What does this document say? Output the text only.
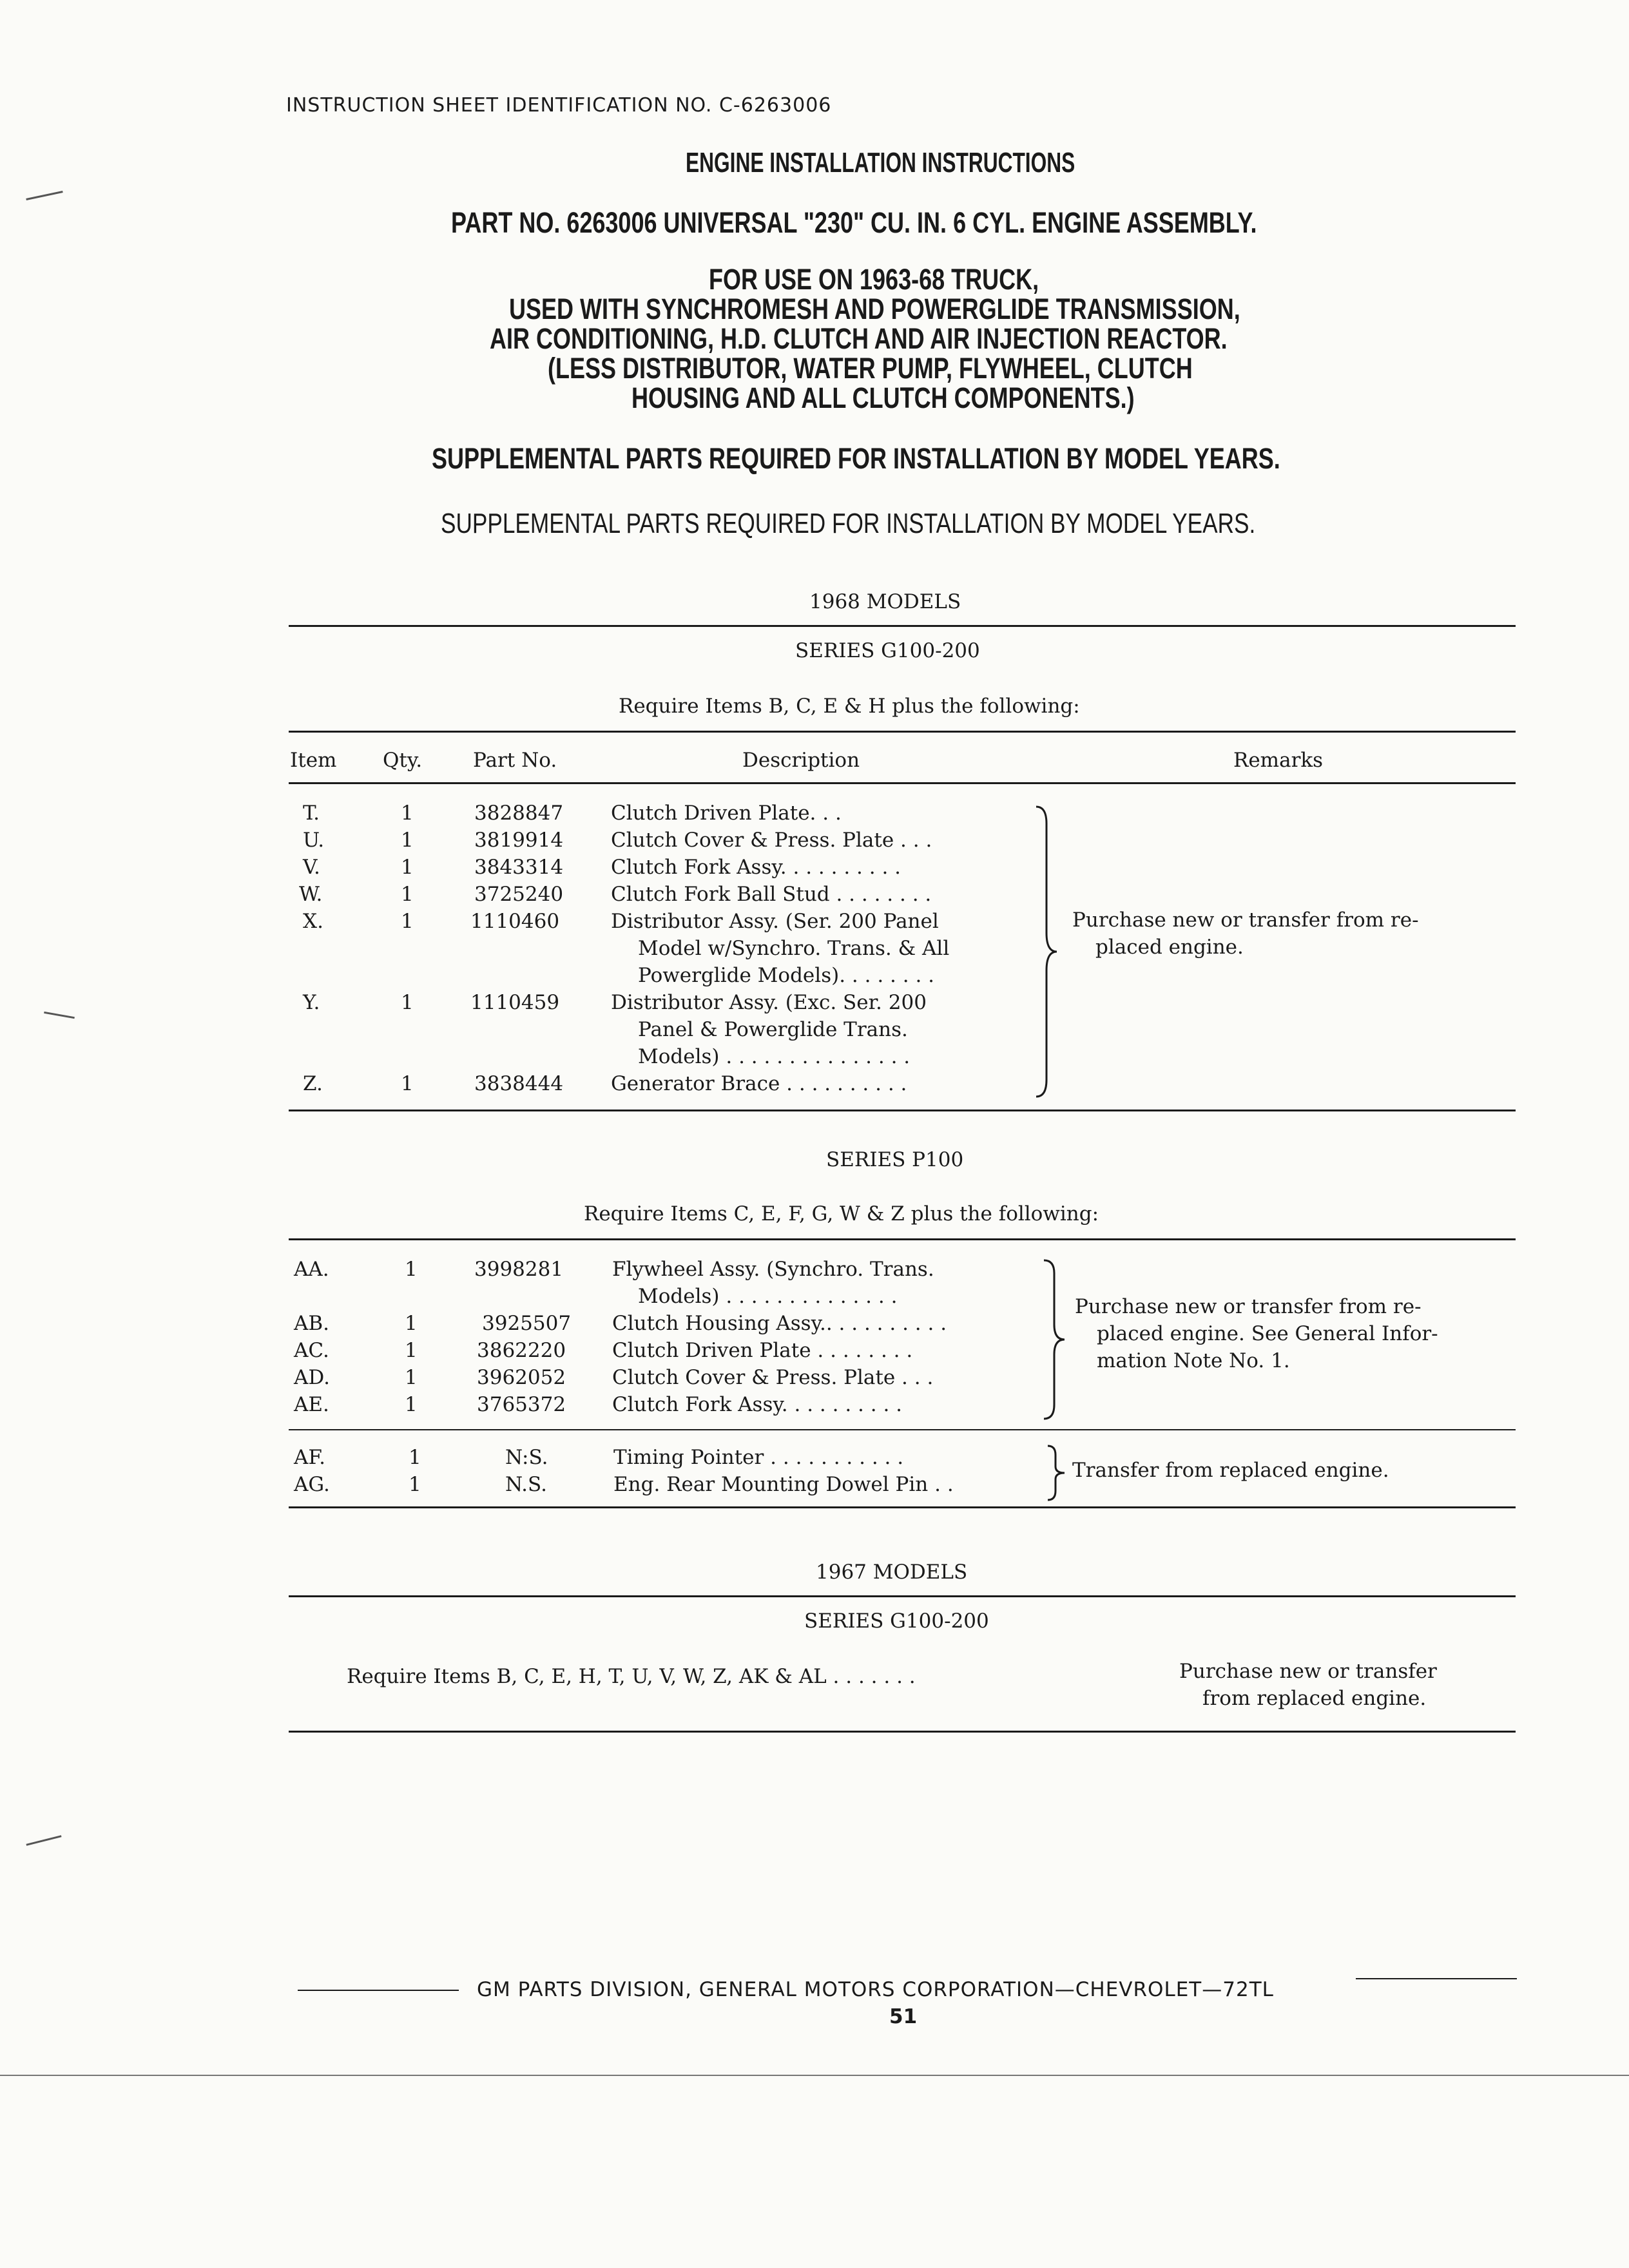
INSTRUCTION SHEET IDENTIFICATION NO. C-6263006
ENGINE INSTALLATION INSTRUCTIONS
PART NO. 6263006 UNIVERSAL "230" CU. IN. 6 CYL. ENGINE ASSEMBLY.
FOR USE ON 1963-68 TRUCK,
USED WITH SYNCHROMESH AND POWERGLIDE TRANSMISSION,
AIR CONDITIONING, H.D. CLUTCH AND AIR INJECTION REACTOR.
(LESS DISTRIBUTOR, WATER PUMP, FLYWHEEL, CLUTCH
HOUSING AND ALL CLUTCH COMPONENTS.)
SUPPLEMENTAL PARTS REQUIRED FOR INSTALLATION BY MODEL YEARS.
SUPPLEMENTAL PARTS REQUIRED FOR INSTALLATION BY MODEL YEARS.
1968 MODELS
SERIES G100-200
Require Items B, C, E & H plus the following:
Item Qty.	Part No.	Description	Remarks
T.	1	3828847 Clutch Driven Plate. . .
U.	1	3819914 Clutch Cover & Press. Plate . . .
V.	1	3843314 Clutch Fork Assy. . . . . . . . . .
W.	1	3725240 Clutch Fork Ball Stud . . . . . . . .
X.	1	1110460	Distributor Assy. (Ser. 200 Panel
Model w/Synchro. Trans. & All
Powerglide Models). . . . . . . .
Y.	1	1110459	Distributor Assy. (Exc. Ser. 200
Panel & Powerglide Trans.
Models) . . . . . . . . . . . . . . .
Z.	1	3838444 Generator Brace . . . . . . . . . .
Purchase new or transfer from re-
placed engine.
SERIES P100
Require Items C, E, F, G, W & Z plus the following:
AA.	1	3998281 Flywheel Assy. (Synchro. Trans.
Models) . . . . . . . . . . . . . .
AB.	1	3925507 Clutch Housing Assy.. . . . . . . . . .
AC.	1	3862220 Clutch Driven Plate . . . . . . . .
AD.	1	3962052 Clutch Cover & Press. Plate . . .
AE.	1	3765372 Clutch Fork Assy. . . . . . . . . .
Purchase new or transfer from re-
placed engine. See General Infor-
mation Note No. 1.
AF.	1	N:S.	Timing Pointer . . . . . . . . . . .
AG.	1	N.S.	Eng. Rear Mounting Dowel Pin . .
Transfer from replaced engine.
1967 MODELS
SERIES G100-200
Require Items B, C, E, H, T, U, V, W, Z, AK & AL . . . . . . .	Purchase new or transfer
from replaced engine.
GM PARTS DIVISION, GENERAL MOTORS CORPORATION—CHEVROLET—72TL
51
